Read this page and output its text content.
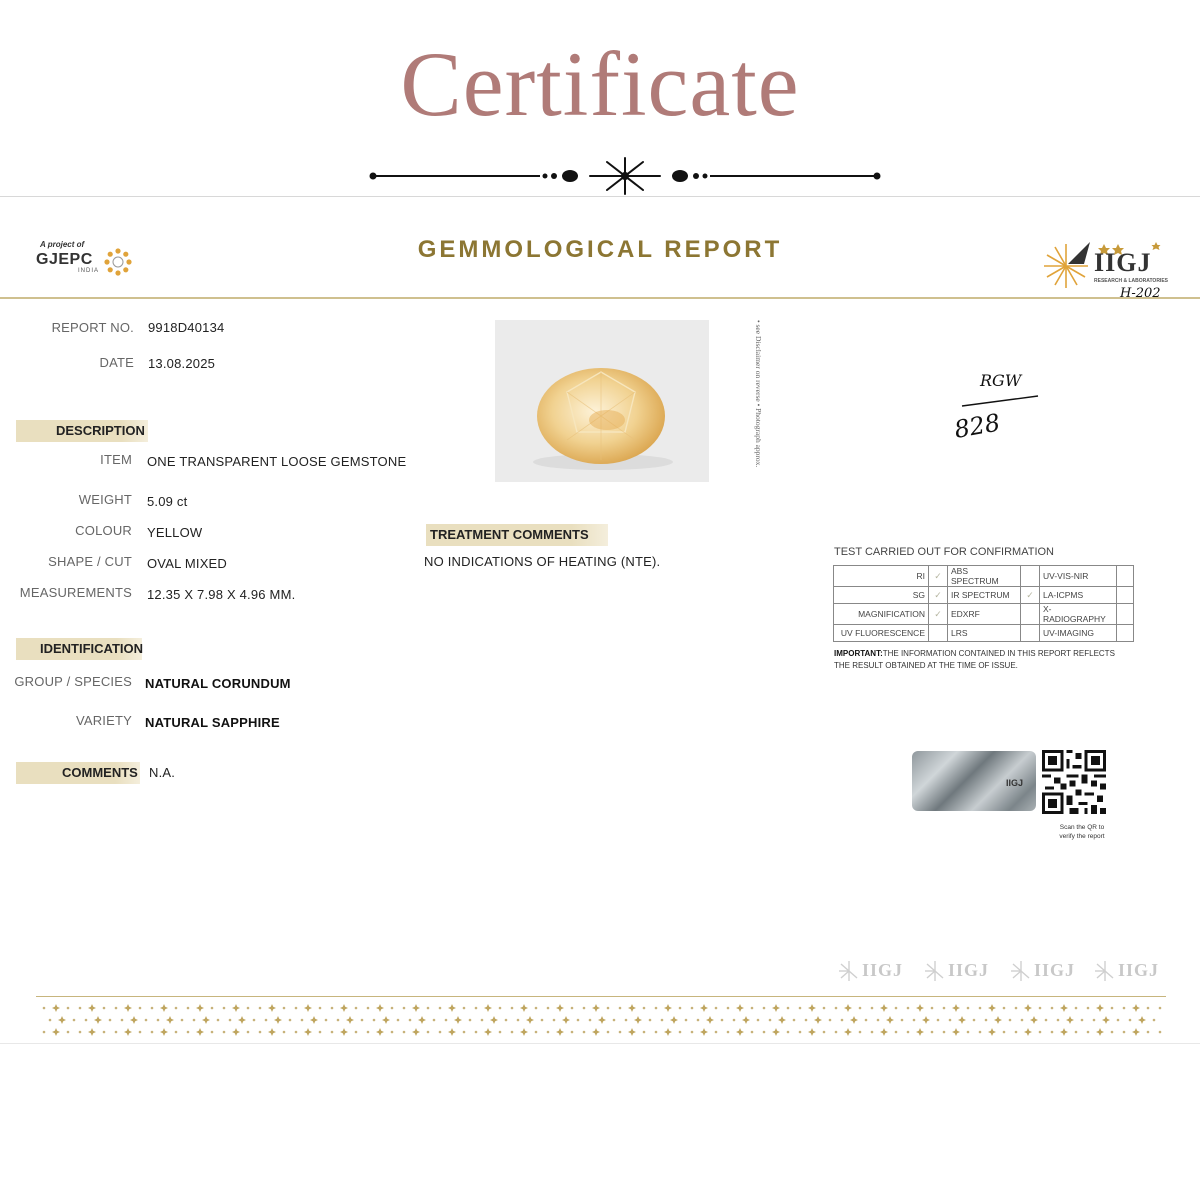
Certificate
A project of
GJEPC
INDIA
GEMMOLOGICAL REPORT	IIGJ
RESEARCH & LABORATORIES
H-202
REPORT NO. 9918D40134
DATE 13.08.2025
DESCRIPTION
ITEM ONE TRANSPARENT LOOSE GEMSTONE
WEIGHT 5.09 ct
COLOUR YELLOW
SHAPE / CUT OVAL MIXED
MEASUREMENTS 12.35 X 7.98 X 4.96 MM.
IDENTIFICATION
GROUP / SPECIES NATURAL CORUNDUM
VARIETY NATURAL SAPPHIRE
COMMENTS N.A.
• see Disclaimer on reverse • Photograph approx.	RGW
828
TREATMENT COMMENTS
NO INDICATIONS OF HEATING (NTE).
TEST CARRIED OUT FOR CONFIRMATION
RI	✓	ABS SPECTRUM		UV-VIS-NIR	
SG	✓	IR SPECTRUM	✓	LA-ICPMS	
MAGNIFICATION	✓	EDXRF		X-RADIOGRAPHY	
UV FLUORESCENCE		LRS		UV-IMAGING	
IMPORTANT:THE INFORMATION CONTAINED IN THIS REPORT REFLECTS THE RESULT OBTAINED AT THE TIME OF ISSUE.
IIGJ
Scan the QR to
verify the report
IIGJ IIGJ IIGJ IIGJ
